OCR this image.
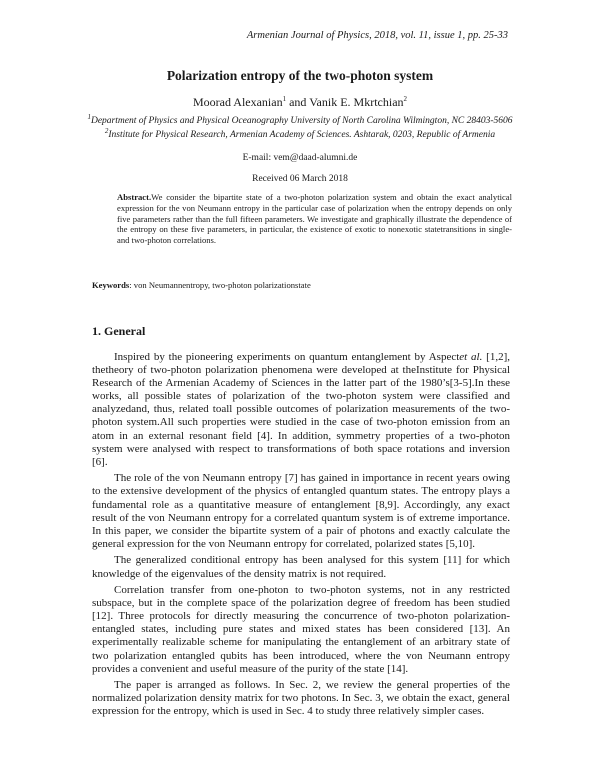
Armenian Journal of Physics, 2018, vol. 11, issue 1, pp. 25-33
Polarization entropy of the two-photon system
Moorad Alexanian$^1$ and Vanik E. Mkrtchian$^2$
$^1$Department of Physics and Physical Oceanography University of North Carolina Wilmington, NC 28403-5606
$^2$Institute for Physical Research, Armenian Academy of Sciences. Ashtarak, 0203, Republic of Armenia
E-mail: vem@daad-alumni.de
Received 06 March 2018
Abstract.We consider the bipartite state of a two-photon polarization system and obtain the exact analytical expression for the von Neumann entropy in the particular case of polarization when the entropy depends on only five parameters rather than the full fifteen parameters. We investigate and graphically illustrate the dependence of the entropy on these five parameters, in particular, the existence of exotic to nonexotic statetransitions in single- and two-photon correlations.
Keywords: von Neumannentropy, two-photon polarizationstate
1. General

Inspired by the pioneering experiments on quantum entanglement by Aspectet al. [1,2], thetheory of two-photon polarization phenomena were developed at theInstitute for Physical Research of the Armenian Academy of Sciences in the latter part of the 1980’s[3-5].In these works, all possible states of polarization of the two-photon system were classified and analyzedand, thus, related toall possible outcomes of polarization measurements of the two-photon system.All such properties were studied in the case of two-photon emission from an atom in an external resonant field [4]. In addition, symmetry properties of a two-photon system were analysed with respect to transformations of both space rotations and inversion [6].

The role of the von Neumann entropy [7] has gained in importance in recent years owing to the extensive development of the physics of entangled quantum states. The entropy plays a fundamental role as a quantitative measure of entanglement [8,9]. Accordingly, any exact result of the von Neumann entropy for a correlated quantum system is of extreme importance. In this paper, we consider the bipartite system of a pair of photons and exactly calculate the general expression for the von Neumann entropy for correlated, polarized states [5,10].

The generalized conditional entropy has been analysed for this system [11] for which knowledge of the eigenvalues of the density matrix is not required.

Correlation transfer from one-photon to two-photon systems, not in any restricted subspace, but in the complete space of the polarization degree of freedom has been studied [12]. Three protocols for directly measuring the concurrence of two-photon polarization-entangled states, including pure states and mixed states has been considered [13]. An experimentally realizable scheme for manipulating the entanglement of an arbitrary state of two polarization entangled qubits has been introduced, where the von Neumann entropy provides a convenient and useful measure of the purity of the state [14].

The paper is arranged as follows. In Sec. 2, we review the general properties of the normalized polarization density matrix for two photons. In Sec. 3, we obtain the exact, general expression for the entropy, which is used in Sec. 4 to study three relatively simpler cases.
